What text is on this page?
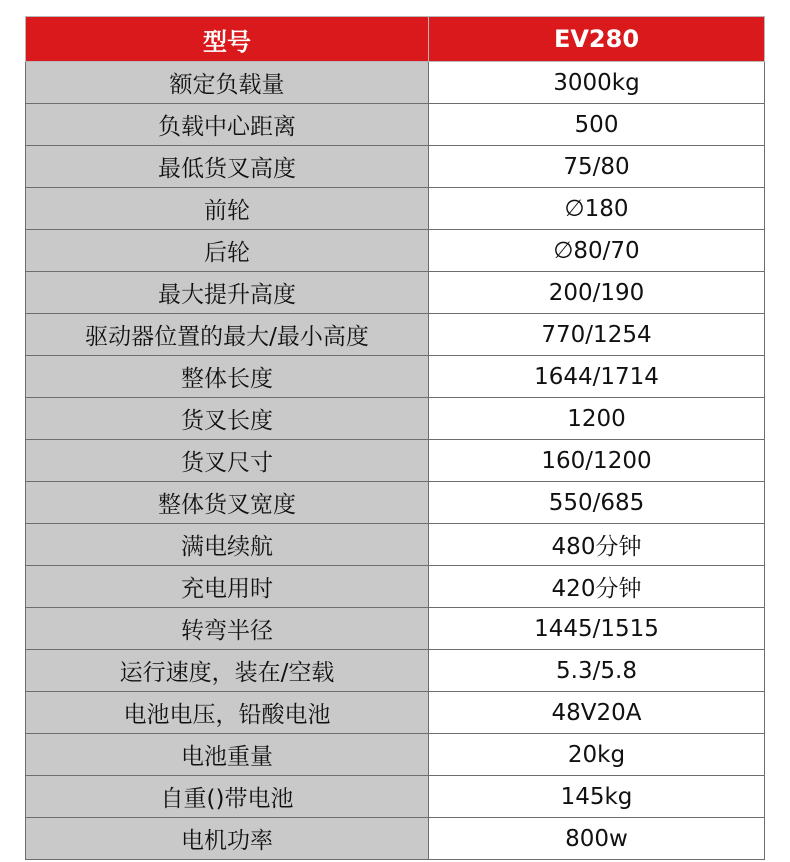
型号	EV280
额定负载量	3000kg
负载中心距离	500
最低货叉高度	75/80
前轮	∅180
后轮	∅80/70
最大提升高度	200/190
驱动器位置的最大/最小高度	770/1254
整体长度	1644/1714
货叉长度	1200
货叉尺寸	160/1200
整体货叉宽度	550/685
满电续航	480分钟
充电用时	420分钟
转弯半径	1445/1515
运行速度，装在/空载	5.3/5.8
电池电压，铅酸电池	48V20A
电池重量	20kg
自重()带电池	145kg
电机功率	800w
